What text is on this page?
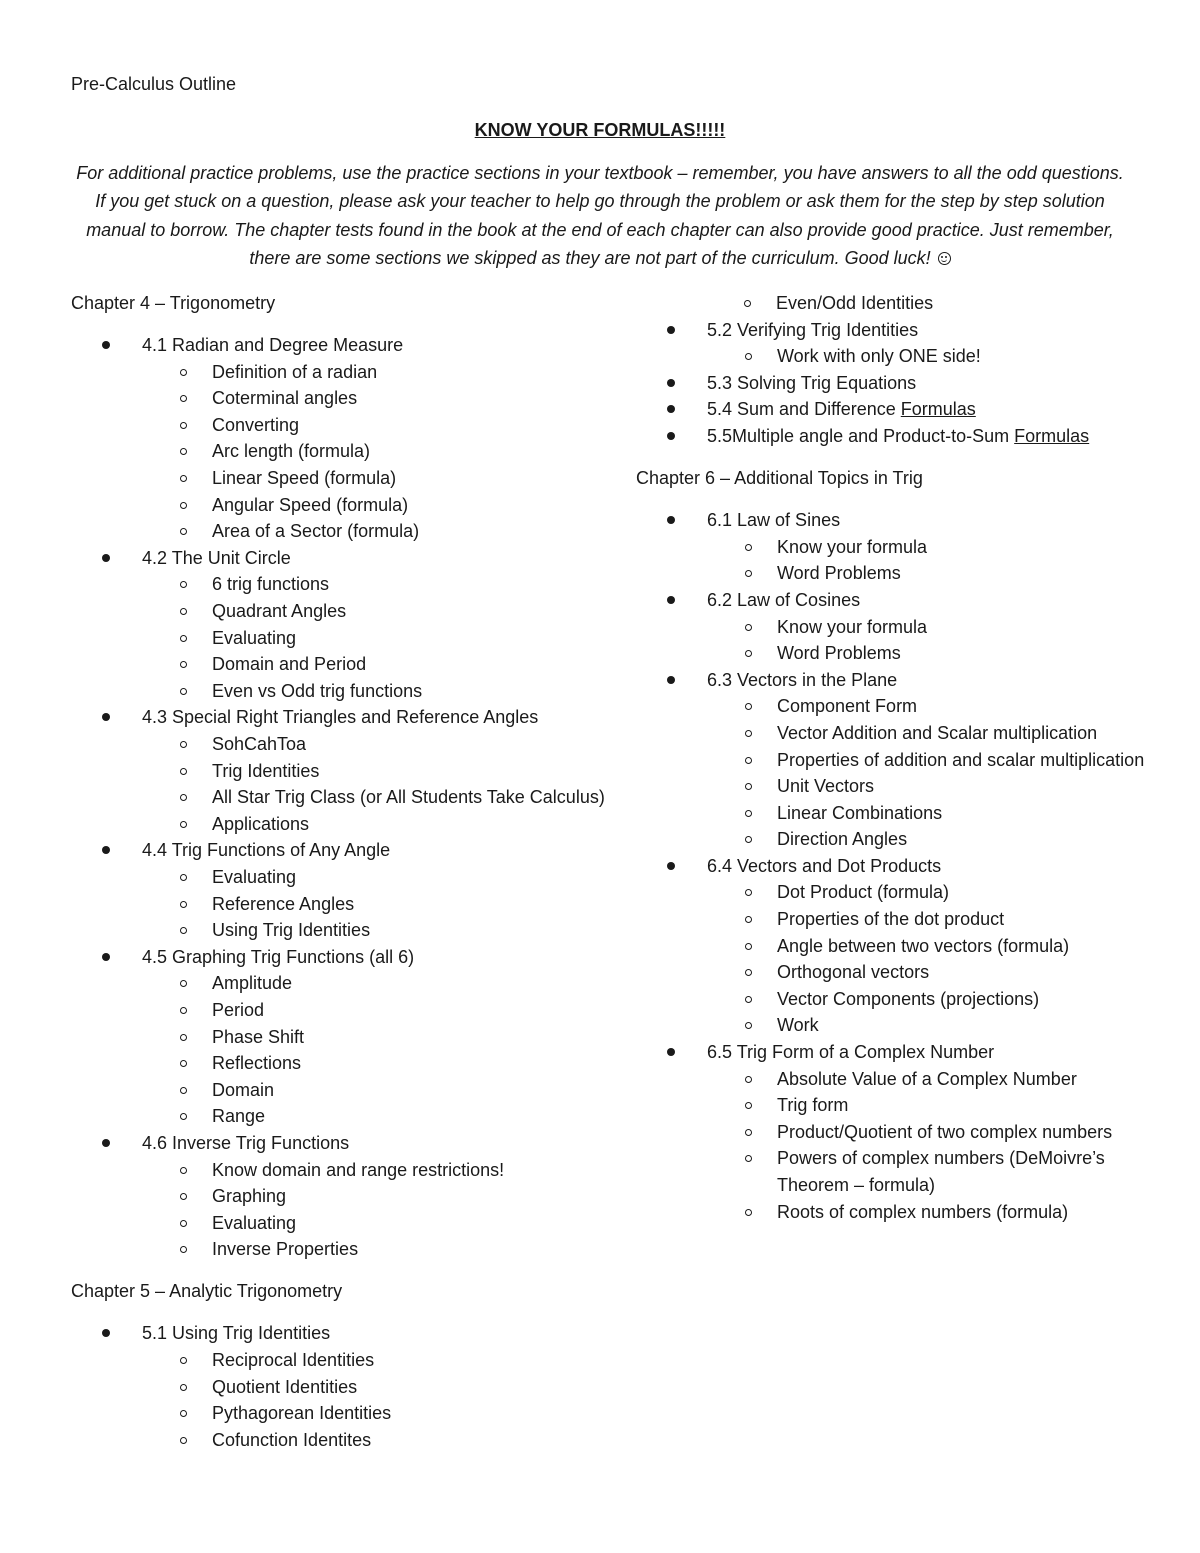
Pre-Calculus Outline
KNOW YOUR FORMULAS!!!!!
For additional practice problems, use the practice sections in your textbook – remember, you have answers to all the odd questions. If you get stuck on a question, please ask your teacher to help go through the problem or ask them for the step by step solution manual to borrow. The chapter tests found in the book at the end of each chapter can also provide good practice. Just remember, there are some sections we skipped as they are not part of the curriculum. Good luck!
Chapter 4 – Trigonometry
4.1 Radian and Degree Measure
Definition of a radian
Coterminal angles
Converting
Arc length (formula)
Linear Speed (formula)
Angular Speed (formula)
Area of a Sector (formula)
4.2 The Unit Circle
6 trig functions
Quadrant Angles
Evaluating
Domain and Period
Even vs Odd trig functions
4.3 Special Right Triangles and Reference Angles
SohCahToa
Trig Identities
All Star Trig Class (or All Students Take Calculus)
Applications
4.4 Trig Functions of Any Angle
Evaluating
Reference Angles
Using Trig Identities
4.5 Graphing Trig Functions (all 6)
Amplitude
Period
Phase Shift
Reflections
Domain
Range
4.6 Inverse Trig Functions
Know domain and range restrictions!
Graphing
Evaluating
Inverse Properties
Chapter 5 – Analytic Trigonometry
5.1 Using Trig Identities
Reciprocal Identities
Quotient Identities
Pythagorean Identities
Cofunction Identites
Even/Odd Identities
5.2 Verifying Trig Identities
Work with only ONE side!
5.3 Solving Trig Equations
5.4 Sum and Difference Formulas
5.5Multiple angle and Product-to-Sum Formulas
Chapter 6 – Additional Topics in Trig
6.1 Law of Sines
Know your formula
Word Problems
6.2 Law of Cosines
Know your formula
Word Problems
6.3 Vectors in the Plane
Component Form
Vector Addition and Scalar multiplication
Properties of addition and scalar multiplication
Unit Vectors
Linear Combinations
Direction Angles
6.4 Vectors and Dot Products
Dot Product (formula)
Properties of the dot product
Angle between two vectors (formula)
Orthogonal vectors
Vector Components (projections)
Work
6.5 Trig Form of a Complex Number
Absolute Value of a Complex Number
Trig form
Product/Quotient of two complex numbers
Powers of complex numbers (DeMoivre’s Theorem – formula)
Roots of complex numbers (formula)
